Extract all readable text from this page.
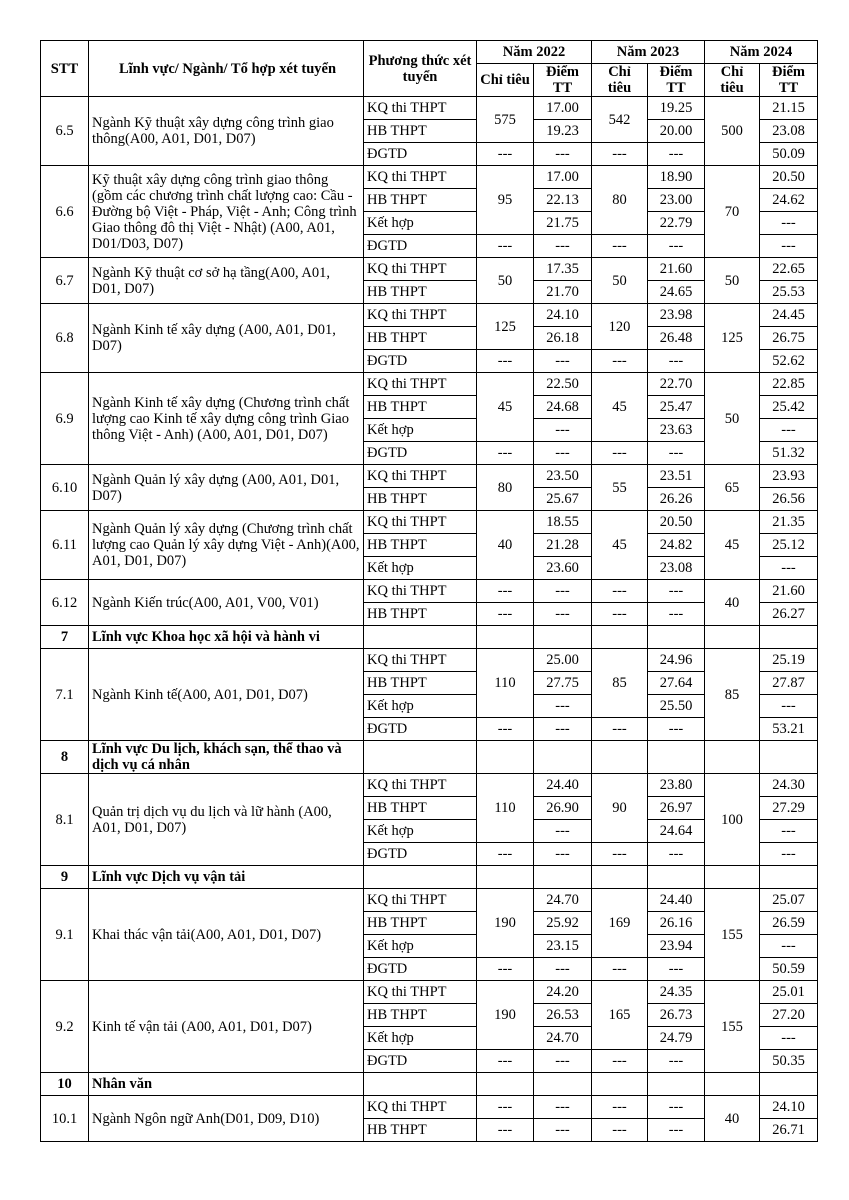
STT	Lĩnh vực/ Ngành/ Tổ hợp xét tuyển	Phương thức xét tuyển	Năm 2022		Năm 2023		Năm 2024	
			Chỉ tiêu	Điểm TT	Chỉ tiêu	Điểm TT	Chỉ tiêu	Điểm TT
6.5	Ngành Kỹ thuật xây dựng công trình giao thông(A00, A01, D01, D07)	KQ thi THPT	575	17.00	542	19.25	500	21.15
		HB THPT		19.23		20.00		23.08
		ĐGTD	---	---	---	---		50.09
6.6	Kỹ thuật xây dựng công trình giao thông (gồm các chương trình chất lượng cao: Cầu - Đường bộ Việt - Pháp, Việt - Anh; Công trình Giao thông đô thị Việt - Nhật) (A00, A01, D01/D03, D07)	KQ thi THPT	95	17.00	80	18.90	70	20.50
		HB THPT		22.13		23.00		24.62
		Kết hợp		21.75		22.79		---
		ĐGTD	---	---	---	---		---
6.7	Ngành Kỹ thuật cơ sở hạ tầng(A00, A01, D01, D07)	KQ thi THPT	50	17.35	50	21.60	50	22.65
		HB THPT		21.70		24.65		25.53
6.8	Ngành Kinh tế xây dựng (A00, A01, D01, D07)	KQ thi THPT	125	24.10	120	23.98	125	24.45
		HB THPT		26.18		26.48		26.75
		ĐGTD	---	---	---	---		52.62
6.9	Ngành Kinh tế xây dựng (Chương trình chất lượng cao Kinh tế xây dựng công trình Giao thông Việt - Anh) (A00, A01, D01, D07)	KQ thi THPT	45	22.50	45	22.70	50	22.85
		HB THPT		24.68		25.47		25.42
		Kết hợp		---		23.63		---
		ĐGTD	---	---	---	---		51.32
6.10	Ngành Quản lý xây dựng (A00, A01, D01, D07)	KQ thi THPT	80	23.50	55	23.51	65	23.93
		HB THPT		25.67		26.26		26.56
6.11	Ngành Quản lý xây dựng (Chương trình chất lượng cao Quản lý xây dựng Việt - Anh)(A00, A01, D01, D07)	KQ thi THPT	40	18.55	45	20.50	45	21.35
		HB THPT		21.28		24.82		25.12
		Kết hợp		23.60		23.08		---
6.12	Ngành Kiến trúc(A00, A01, V00, V01)	KQ thi THPT	---	---	---	---	40	21.60
		HB THPT	---	---	---	---		26.27
7	Lĩnh vực Khoa học xã hội và hành vi							
7.1	Ngành Kinh tế(A00, A01, D01, D07)	KQ thi THPT	110	25.00	85	24.96	85	25.19
		HB THPT		27.75		27.64		27.87
		Kết hợp		---		25.50		---
		ĐGTD	---	---	---	---		53.21
8	Lĩnh vực Du lịch, khách sạn, thể thao và dịch vụ cá nhân							
8.1	Quản trị dịch vụ du lịch và lữ hành (A00, A01, D01, D07)	KQ thi THPT	110	24.40	90	23.80	100	24.30
		HB THPT		26.90		26.97		27.29
		Kết hợp		---		24.64		---
		ĐGTD	---	---	---	---		---
9	Lĩnh vực Dịch vụ vận tải							
9.1	Khai thác vận tải(A00, A01, D01, D07)	KQ thi THPT	190	24.70	169	24.40	155	25.07
		HB THPT		25.92		26.16		26.59
		Kết hợp		23.15		23.94		---
		ĐGTD	---	---	---	---		50.59
9.2	Kinh tế vận tải (A00, A01, D01, D07)	KQ thi THPT	190	24.20	165	24.35	155	25.01
		HB THPT		26.53		26.73		27.20
		Kết hợp		24.70		24.79		---
		ĐGTD	---	---	---	---		50.35
10	Nhân văn							
10.1	Ngành Ngôn ngữ Anh(D01, D09, D10)	KQ thi THPT	---	---	---	---	40	24.10
		HB THPT	---	---	---	---		26.71
